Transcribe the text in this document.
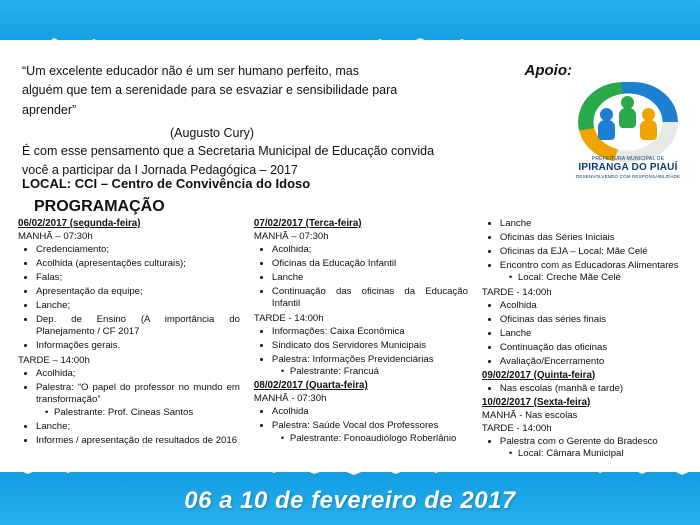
“Um excelente educador não é um ser humano perfeito, mas alguém que tem a serenidade para se esvaziar e sensibilidade para aprender”
(Augusto Cury)
É com esse pensamento que a Secretaria Municipal de Educação convida você a participar da I Jornada Pedagógica – 2017
LOCAL: CCI – Centro de Convivência do Idoso
Apoio:
PREFEITURA MUNICIPAL DE
IPIRANGA DO PIAUÍ
DESENVOLVENDO COM RESPONSABILIDADE
PROGRAMAÇÃO
06/02/2017 (segunda-feira)
MANHÃ – 07:30h
• Credenciamento;
• Acolhida (apresentações culturais);
• Falas;
• Apresentação da equipe;
• Lanche;
• Dep. de Ensino (A importância do Planejamento / CF 2017
• Informações gerais.
TARDE – 14:00h
• Acolhida;
• Palestra: “O papel do professor no mundo em transformação”
• Palestrante: Prof. Cineas Santos
• Lanche;
• Informes / apresentação de resultados de 2016
07/02/2017 (Terca-feira)
MANHÃ – 07:30h
• Acolhida;
• Oficinas da Educação Infantil
• Lanche
• Continuação das oficinas da Educação Infantil
TARDE - 14:00h
• Informações: Caixa Econômica
• Sindicato dos Servidores Municipais
• Palestra: Informações Previdenciárias
• Palestrante: Francuá
08/02/2017 (Quarta-feira)
MANHÃ - 07:30h
• Acolhida
• Palestra: Saúde Vocal dos Professores
• Palestrante: Fonoaudiólogo Roberlânio
• Lanche
• Oficinas das Séries Iniciais
• Oficinas da EJA – Local: Mãe Celé
• Encontro com as Educadoras Alimentares
• Local: Creche Mãe Celé
TARDE - 14:00h
• Acolhida
• Oficinas das séries finais
• Lanche
• Continuação das oficinas
• Avaliação/Encerramento
09/02/2017 (Quinta-feira)
• Nas escolas (manhã e tarde)
10/02/2017 (Sexta-feira)
MANHÃ - Nas escolas
TARDE - 14:00h
• Palestra com o Gerente do Bradesco
• Local: Câmara Municipal
06 a 10 de fevereiro de 2017
